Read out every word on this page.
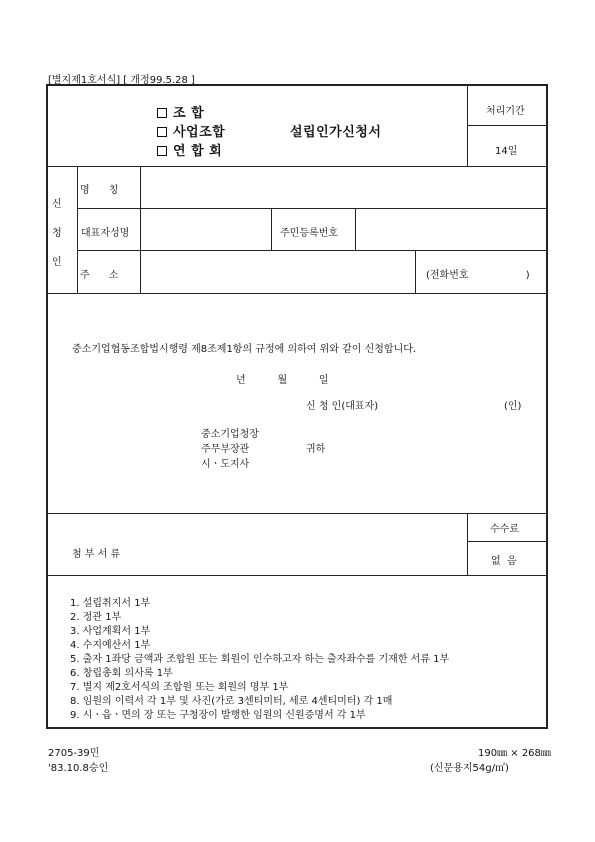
[별지제1호서식] [ 개정99.5.28 ]
조 합
사업조합
연 합 회
설립인가신청서
처리기간
14일
신
청
인
명      칭
대표자성명	주민등록번호
주      소	(전화번호                  )
중소기업협동조합법시행령 제8조제1항의 규정에 의하여 위와 같이 신청합니다.
년          월          일
신 청 인(대표자)	(인)
중소기업청장
주무부장관
시ㆍ도지사
귀하
첨 부 서 류
수수료
없  음
1. 설립취지서 1부
2. 정관 1부
3. 사업계획서 1부
4. 수지예산서 1부
5. 출자 1좌당 금액과 조합원 또는 회원이 인수하고자 하는 출자좌수를 기재한 서류 1부
6. 창립총회 의사록 1부
7. 별지 제2호서식의 조합원 또는 회원의 명부 1부
8. 임원의 이력서 각 1부 및 사진(가로 3센티미터, 세로 4센티미터) 각 1매
9. 시ㆍ읍ㆍ면의 장 또는 구청장이 발행한 임원의 신원증명서 각 1부
2705-39민
'83.10.8승인
190㎜ × 268㎜
(신문용지54g/㎡)
